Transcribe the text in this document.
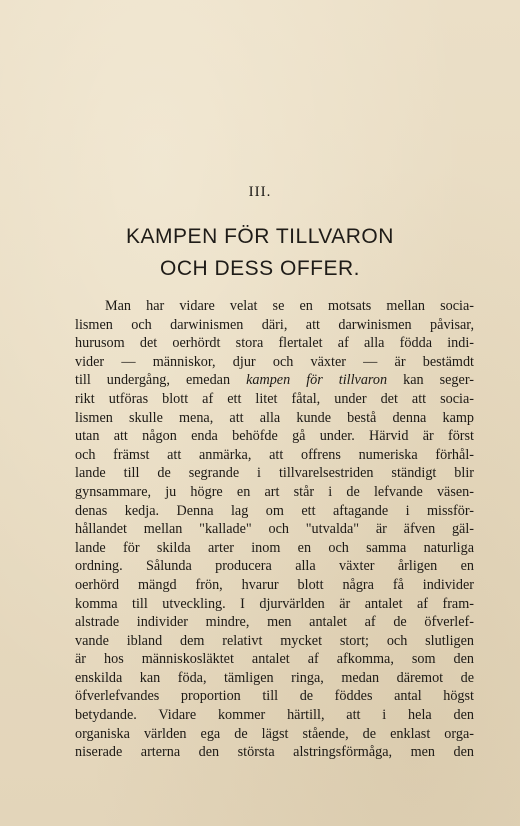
III.
KAMPEN FÖR TILLVARON
OCH DESS OFFER.
Man har vidare velat se en motsats mellan socia-
lismen och darwinismen däri, att darwinismen påvisar,
hurusom det oerhördt stora flertalet af alla födda indi-
vider — människor, djur och växter — är bestämdt
till undergång, emedan kampen för tillvaron kan seger-
rikt utföras blott af ett litet fåtal, under det att socia-
lismen skulle mena, att alla kunde bestå denna kamp
utan att någon enda behöfde gå under. Härvid är först
och främst att anmärka, att offrens numeriska förhål-
lande till de segrande i tillvarelsestriden ständigt blir
gynsammare, ju högre en art står i de lefvande väsen-
denas kedja. Denna lag om ett aftagande i missför-
hållandet mellan "kallade" och "utvalda" är äfven gäl-
lande för skilda arter inom en och samma naturliga
ordning. Sålunda producera alla växter årligen en
oerhörd mängd frön, hvarur blott några få individer
komma till utveckling. I djurvärlden är antalet af fram-
alstrade individer mindre, men antalet af de öfverlef-
vande ibland dem relativt mycket stort; och slutligen
är hos människosläktet antalet af afkomma, som den
enskilda kan föda, tämligen ringa, medan däremot de
öfverlefvandes proportion till de föddes antal högst
betydande. Vidare kommer härtill, att i hela den
organiska världen ega de lägst stående, de enklast orga-
niserade arterna den största alstringsförmåga, men den
